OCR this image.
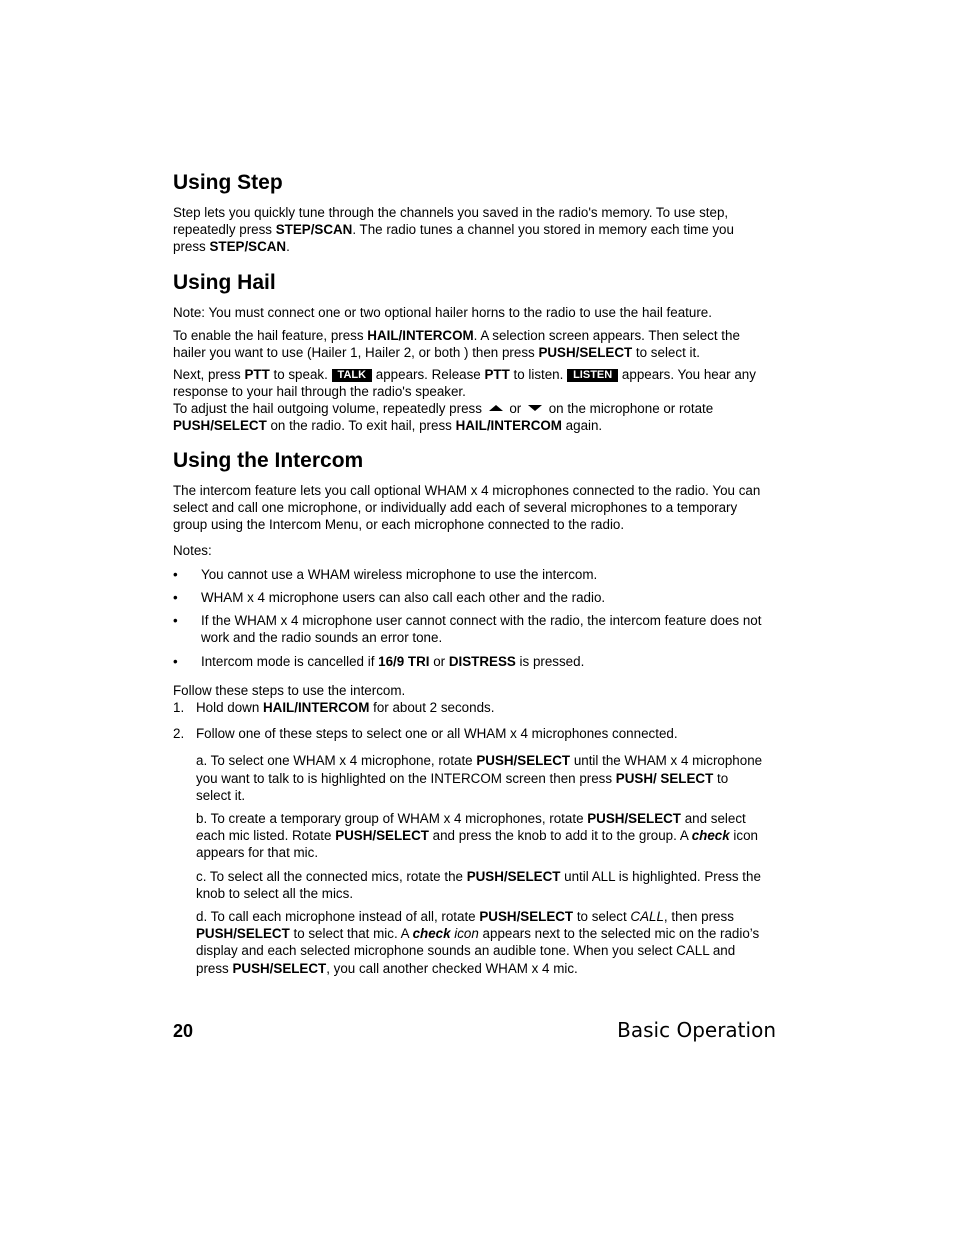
Using Step

Step lets you quickly tune through the channels you saved in the radio's memory. To use step, repeatedly press STEP/SCAN. The radio tunes a channel you stored in memory each time you press STEP/SCAN.

Using Hail

Note: You must connect one or two optional hailer horns to the radio to use the hail feature.

To enable the hail feature, press HAIL/INTERCOM. A selection screen appears. Then select the hailer you want to use (Hailer 1, Hailer 2, or both ) then press PUSH/SELECT to select it.

Next, press PTT to speak. TALK appears. Release PTT to listen. LISTEN appears. You hear any response to your hail through the radio's speaker.

To adjust the hail outgoing volume, repeatedly press  or  on the microphone or rotate PUSH/SELECT on the radio. To exit hail, press HAIL/INTERCOM again.

Using the Intercom

The intercom feature lets you call optional WHAM x 4 microphones connected to the radio. You can select and call one microphone, or individually add each of several microphones to a temporary group using the Intercom Menu, or each microphone connected to the radio.

Notes:

• You cannot use a WHAM wireless microphone to use the intercom.
• WHAM x 4 microphone users can also call each other and the radio.
• If the WHAM x 4 microphone user cannot connect with the radio, the intercom feature does not work and the radio sounds an error tone.
• Intercom mode is cancelled if 16/9 TRI or DISTRESS is pressed.

Follow these steps to use the intercom.

1. Hold down HAIL/INTERCOM for about 2 seconds.
2. Follow one of these steps to select one or all WHAM x 4 microphones connected.
a. To select one WHAM x 4 microphone, rotate PUSH/SELECT until the WHAM x 4 microphone you want to talk to is highlighted on the INTERCOM screen then press PUSH/ SELECT to select it.
b. To create a temporary group of WHAM x 4 microphones, rotate PUSH/SELECT and select each mic listed. Rotate PUSH/SELECT and press the knob to add it to the group. A check icon appears for that mic.
c. To select all the connected mics, rotate the PUSH/SELECT until ALL is highlighted. Press the knob to select all the mics.
d. To call each microphone instead of all, rotate PUSH/SELECT to select CALL, then press PUSH/SELECT to select that mic. A check icon appears next to the selected mic on the radio’s display and each selected microphone sounds an audible tone. When you select CALL and press PUSH/SELECT, you call another checked WHAM x 4 mic.
20	Basic Operation
